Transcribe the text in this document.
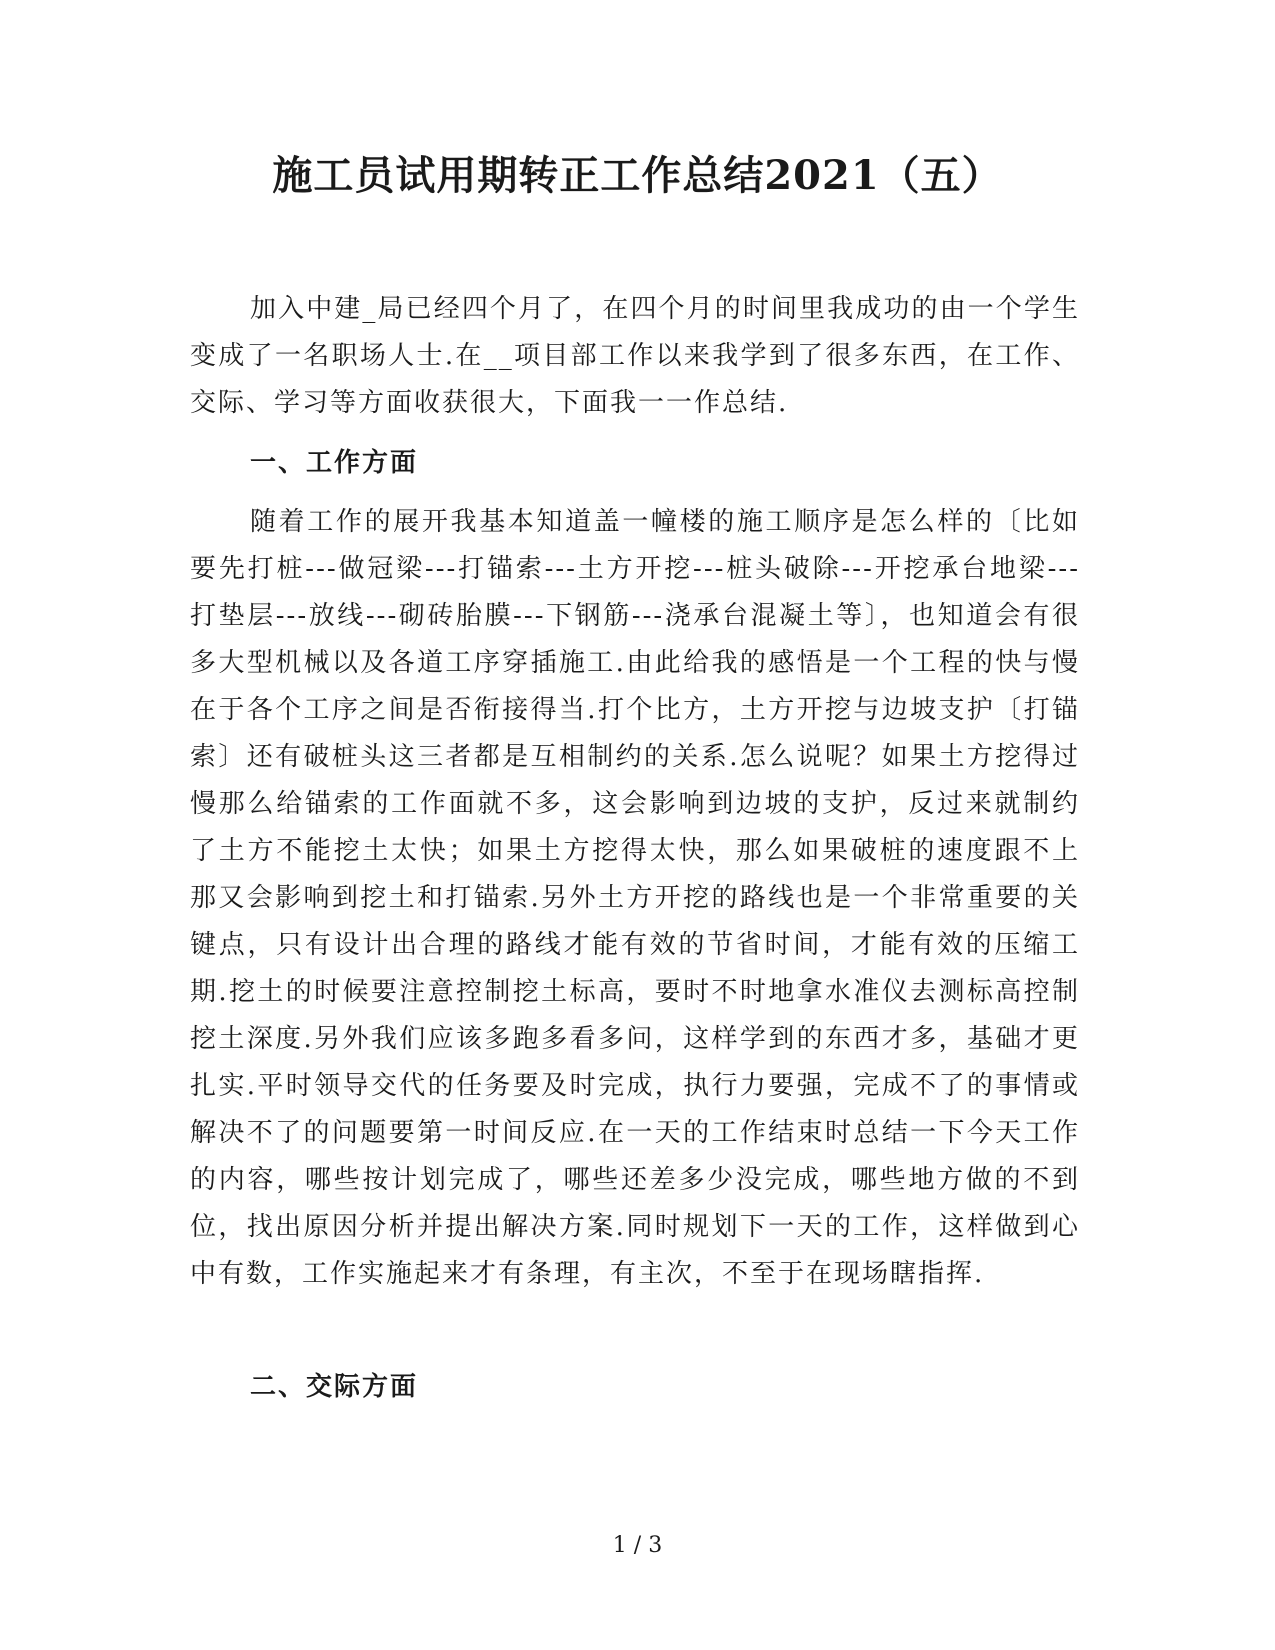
施工员试用期转正工作总结2021（五）

加入中建_局已经四个月了，在四个月的时间里我成功的由一个学生变成了一名职场人士.在__项目部工作以来我学到了很多东西，在工作、交际、学习等方面收获很大，下面我一一作总结.

一、工作方面

随着工作的展开我基本知道盖一幢楼的施工顺序是怎么样的〔比如要先打桩---做冠梁---打锚索---土方开挖---桩头破除---开挖承台地梁---打垫层---放线---砌砖胎膜---下钢筋---浇承台混凝土等〕，也知道会有很多大型机械以及各道工序穿插施工.由此给我的感悟是一个工程的快与慢在于各个工序之间是否衔接得当.打个比方，土方开挖与边坡支护〔打锚索〕还有破桩头这三者都是互相制约的关系.怎么说呢？如果土方挖得过慢那么给锚索的工作面就不多，这会影响到边坡的支护，反过来就制约了土方不能挖土太快；如果土方挖得太快，那么如果破桩的速度跟不上那又会影响到挖土和打锚索.另外土方开挖的路线也是一个非常重要的关键点，只有设计出合理的路线才能有效的节省时间，才能有效的压缩工期.挖土的时候要注意控制挖土标高，要时不时地拿水准仪去测标高控制挖土深度.另外我们应该多跑多看多问，这样学到的东西才多，基础才更扎实.平时领导交代的任务要及时完成，执行力要强，完成不了的事情或解决不了的问题要第一时间反应.在一天的工作结束时总结一下今天工作的内容，哪些按计划完成了，哪些还差多少没完成，哪些地方做的不到位，找出原因分析并提出解决方案.同时规划下一天的工作，这样做到心中有数，工作实施起来才有条理，有主次，不至于在现场瞎指挥.

二、交际方面

1 / 3
